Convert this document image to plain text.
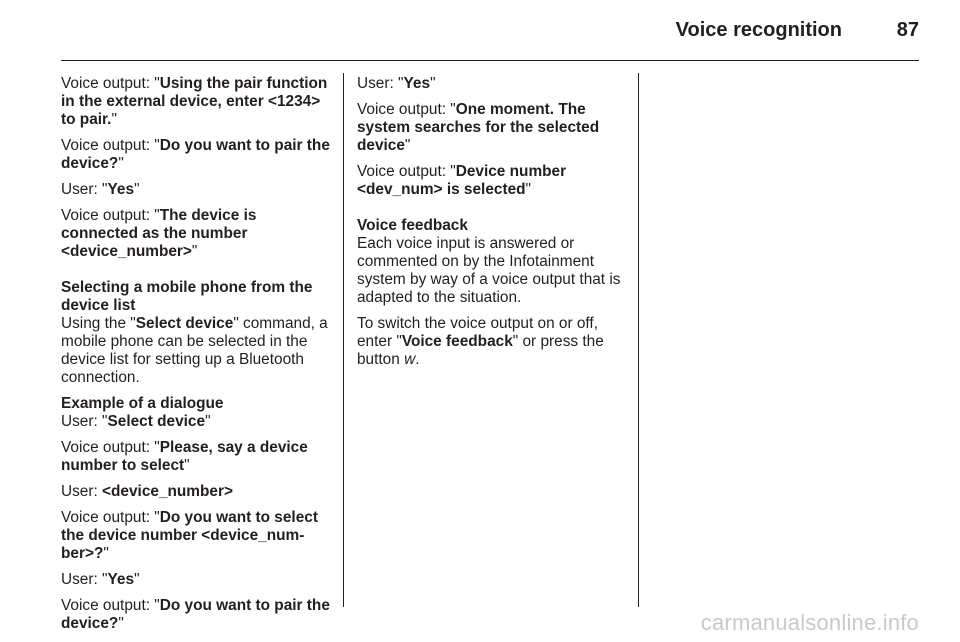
Voice recognition	87

Voice output: "Using the pair function in the external device, enter <1234> to pair."

Voice output: "Do you want to pair the device?"

User: "Yes"

Voice output: "The device is connected as the number <device_number>"

Selecting a mobile phone from the device list

Using the "Select device" command, a mobile phone can be selected in the device list for setting up a Bluetooth connection.

Example of a dialogue

User: "Select device"

Voice output: "Please, say a device number to select"

User: <device_number>

Voice output: "Do you want to select the device number <device_num-ber>?"

User: "Yes"

Voice output: "Do you want to pair the device?"

User: "Yes"

Voice output: "One moment. The system searches for the selected device"

Voice output: "Device number <dev_num> is selected"

Voice feedback

Each voice input is answered or commented on by the Infotainment system by way of a voice output that is adapted to the situation.

To switch the voice output on or off, enter "Voice feedback" or press the button w.

carmanualsonline.info
